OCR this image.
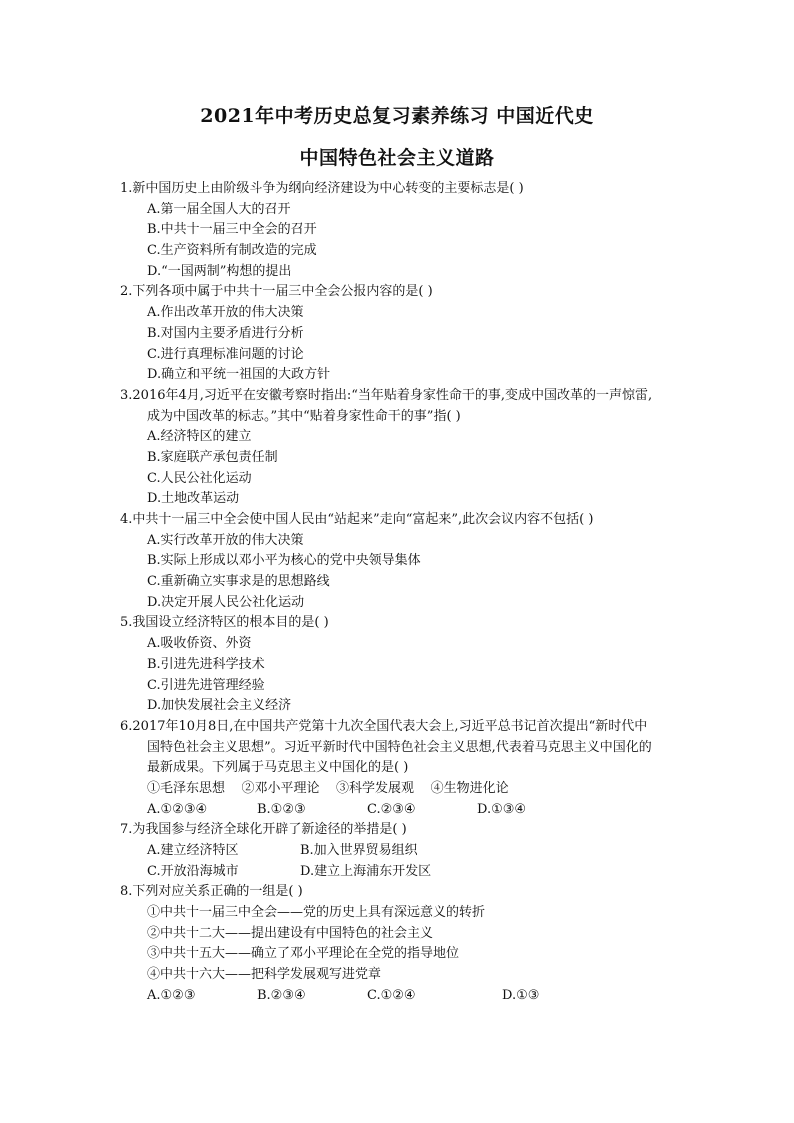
2021年中考历史总复习素养练习 中国近代史
中国特色社会主义道路
1.新中国历史上由阶级斗争为纲向经济建设为中心转变的主要标志是( )
A.第一届全国人大的召开
B.中共十一届三中全会的召开
C.生产资料所有制改造的完成
D.“一国两制”构想的提出
2.下列各项中属于中共十一届三中全会公报内容的是( )
A.作出改革开放的伟大决策
B.对国内主要矛盾进行分析
C.进行真理标准问题的讨论
D.确立和平统一祖国的大政方针
3.2016年4月,习近平在安徽考察时指出:“当年贴着身家性命干的事,变成中国改革的一声惊雷,
成为中国改革的标志。”其中“贴着身家性命干的事”指( )
A.经济特区的建立
B.家庭联产承包责任制
C.人民公社化运动
D.土地改革运动
4.中共十一届三中全会使中国人民由“站起来”走向“富起来”,此次会议内容不包括( )
A.实行改革开放的伟大决策
B.实际上形成以邓小平为核心的党中央领导集体
C.重新确立实事求是的思想路线
D.决定开展人民公社化运动
5.我国设立经济特区的根本目的是( )
A.吸收侨资、外资
B.引进先进科学技术
C.引进先进管理经验
D.加快发展社会主义经济
6.2017年10月8日,在中国共产党第十九次全国代表大会上,习近平总书记首次提出“新时代中
国特色社会主义思想”。习近平新时代中国特色社会主义思想,代表着马克思主义中国化的
最新成果。下列属于马克思主义中国化的是( )
①毛泽东思想    ②邓小平理论    ③科学发展观    ④生物进化论
A.①②③④	B.①②③	C.②③④	D.①③④
7.为我国参与经济全球化开辟了新途径的举措是( )
A.建立经济特区	B.加入世界贸易组织
C.开放沿海城市	D.建立上海浦东开发区
8.下列对应关系正确的一组是( )
①中共十一届三中全会——党的历史上具有深远意义的转折
②中共十二大——提出建设有中国特色的社会主义
③中共十五大——确立了邓小平理论在全党的指导地位
④中共十六大——把科学发展观写进党章
A.①②③	B.②③④	C.①②④	D.①③
